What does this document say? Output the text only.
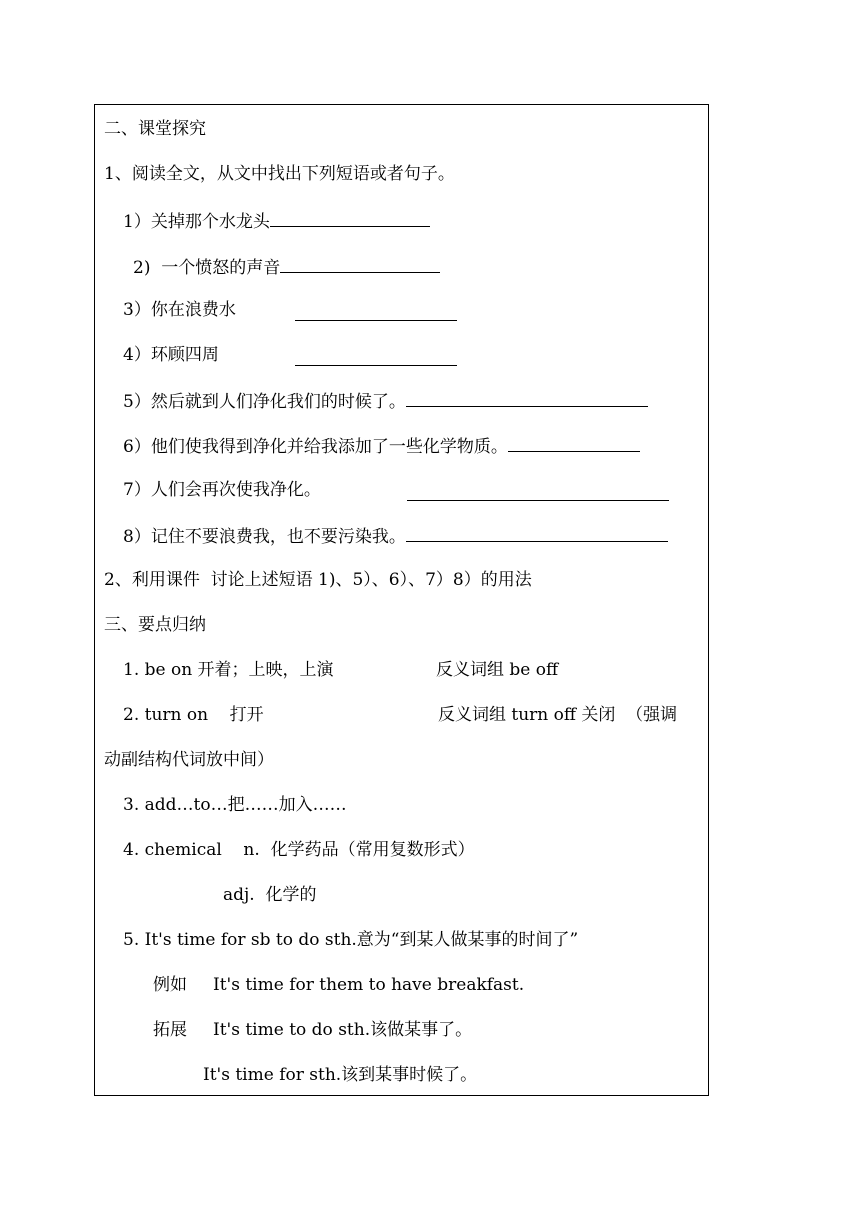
二、课堂探究
1、阅读全文，从文中找出下列短语或者句子。
1）关掉那个水龙头
2)  一个愤怒的声音
3）你在浪费水
4）环顾四周
5）然后就到人们净化我们的时候了。
6）他们使我得到净化并给我添加了一些化学物质。
7）人们会再次使我净化。
8）记住不要浪费我，也不要污染我。
2、利用课件  讨论上述短语 1)、5）、6）、7）8）的用法
三、要点归纳
1. be on 开着；上映，上演	反义词组 be off
2. turn on    打开	反义词组 turn off 关闭  （强调
动副结构代词放中间）
3. add…to…把……加入……
4. chemical    n.  化学药品（常用复数形式）
adj.  化学的
5. It's time for sb to do sth.意为“到某人做某事的时间了”
例如 It's time for them to have breakfast.
拓展 It's time to do sth.该做某事了。
It's time for sth.该到某事时候了。
